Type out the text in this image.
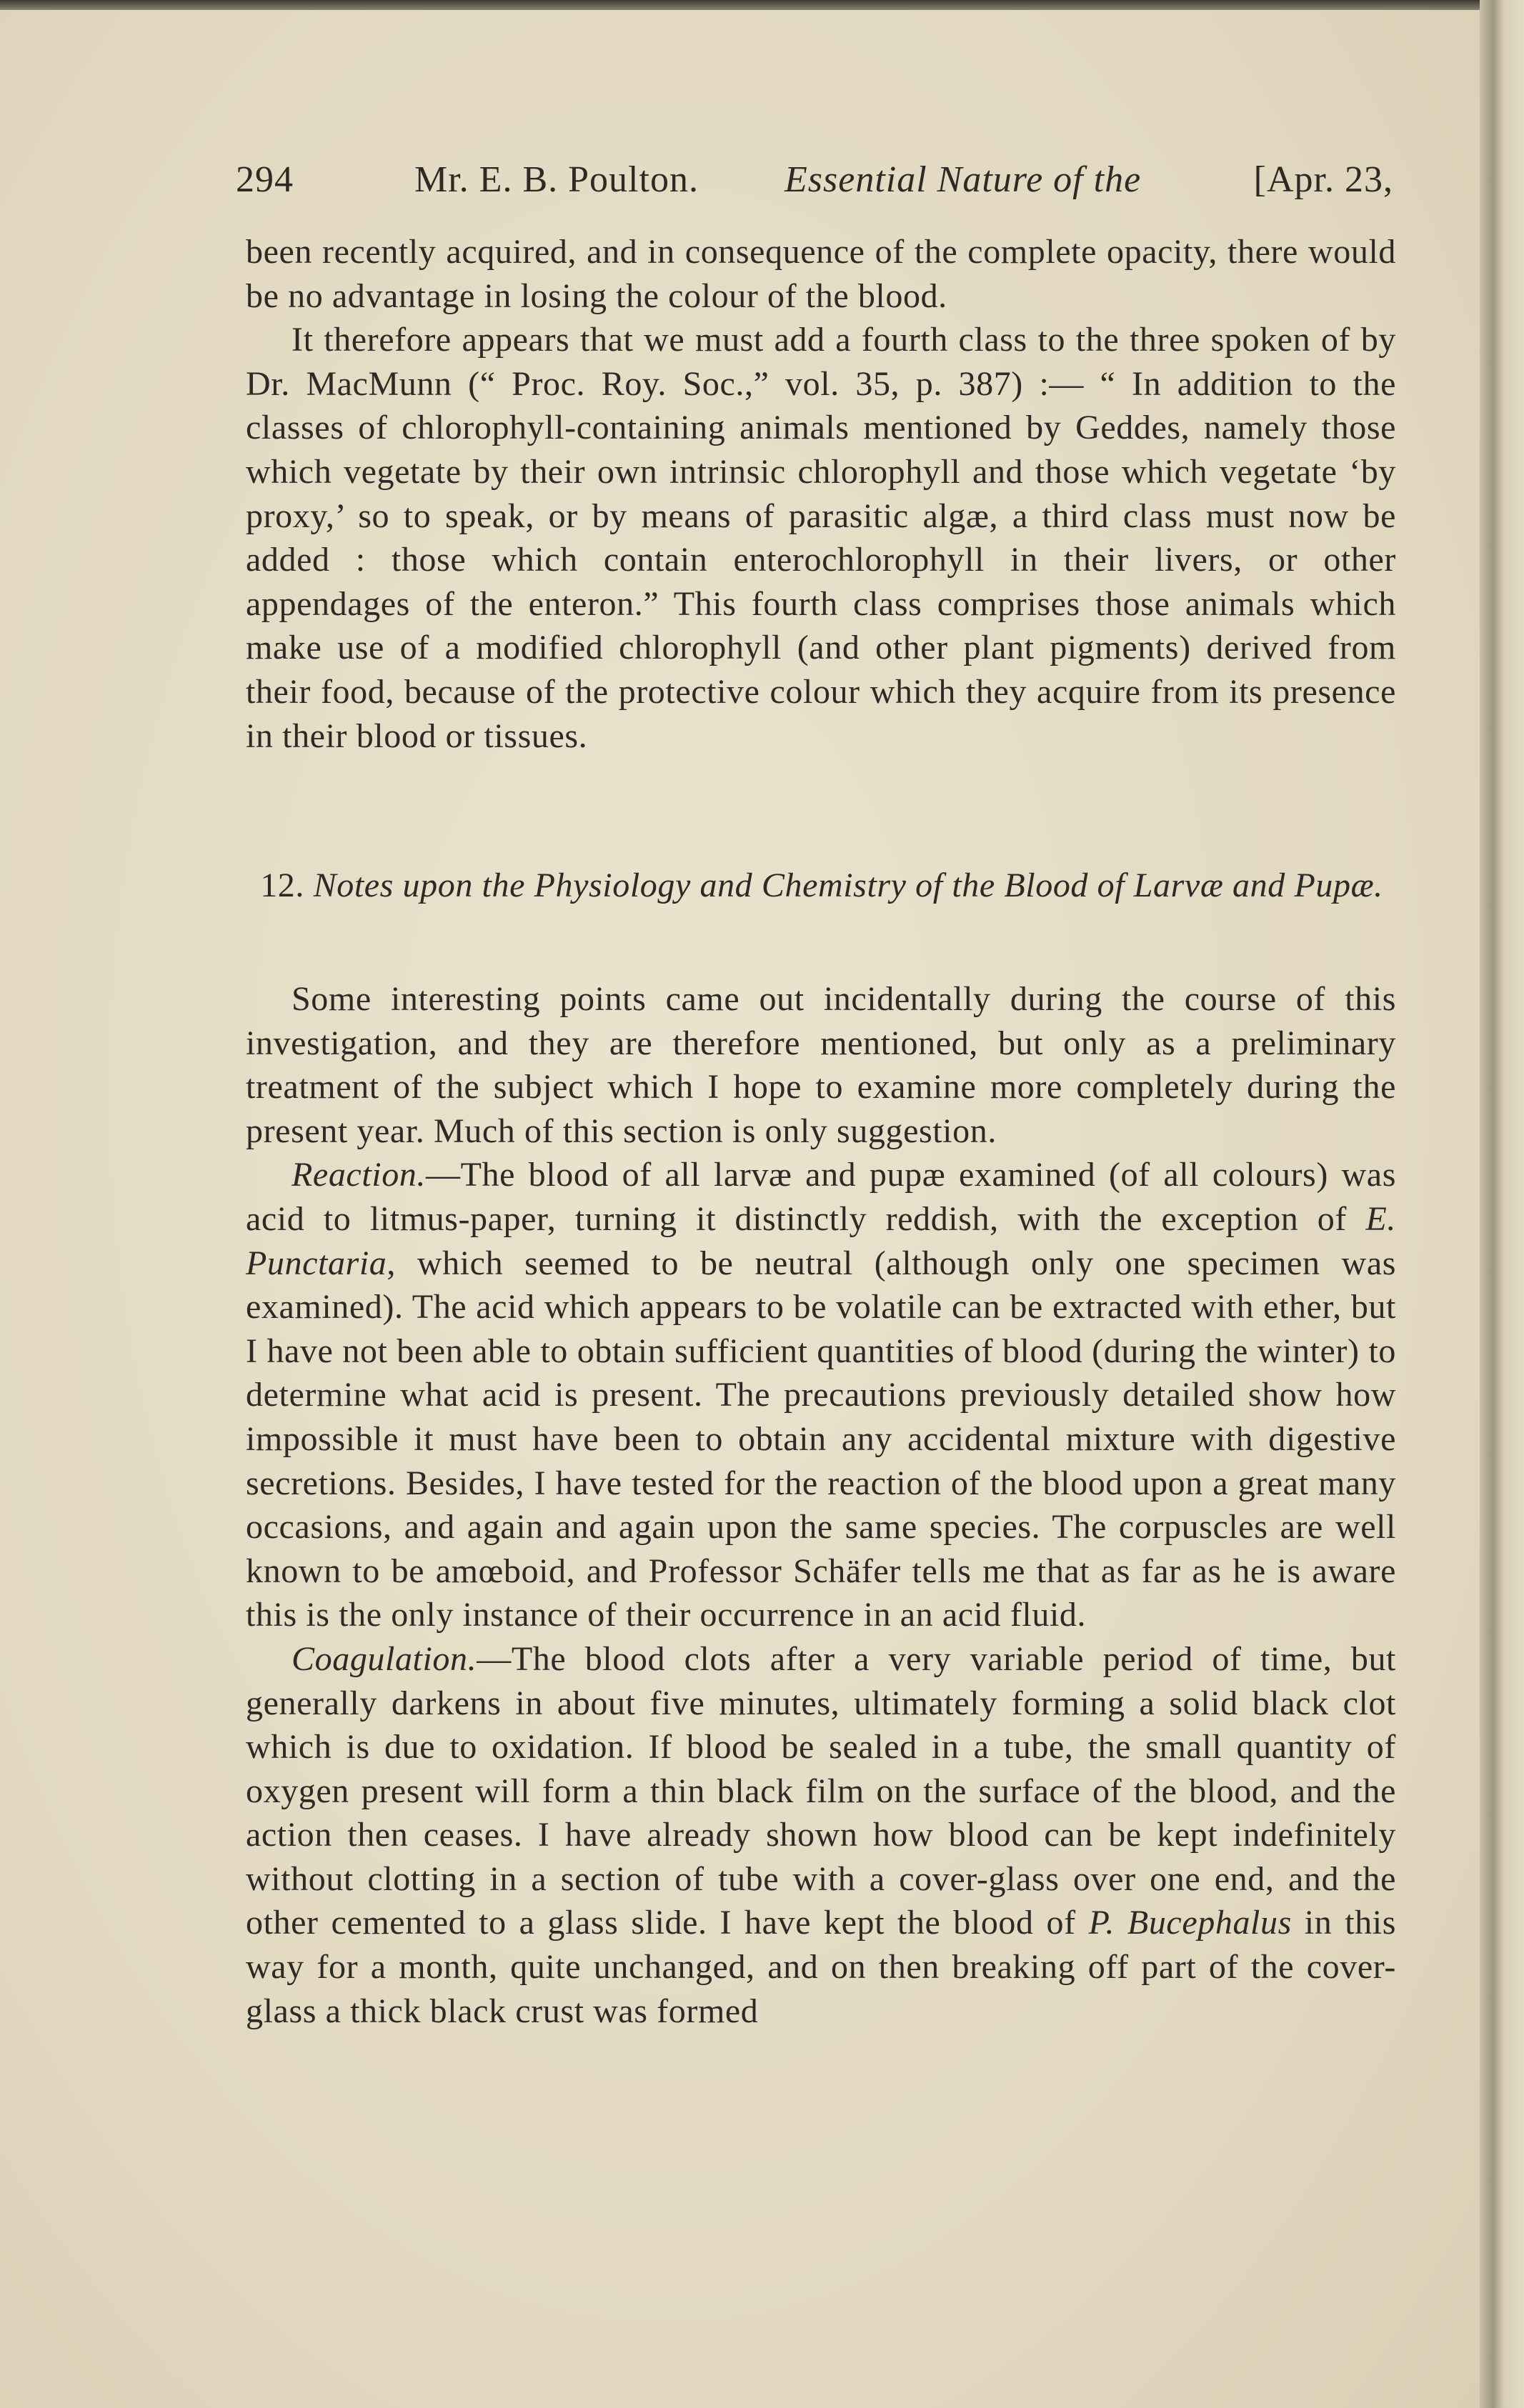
294	Mr. E. B. Poulton. Essential Nature of the	[Apr. 23,

been recently acquired, and in consequence of the complete opacity, there would be no advantage in losing the colour of the blood.

It therefore appears that we must add a fourth class to the three spoken of by Dr. MacMunn (“ Proc. Roy. Soc.,” vol. 35, p. 387) :— “ In addition to the classes of chlorophyll-containing animals mentioned by Geddes, namely those which vegetate by their own intrinsic chlorophyll and those which vegetate ‘by proxy,’ so to speak, or by means of parasitic algæ, a third class must now be added : those which contain enterochlorophyll in their livers, or other appendages of the enteron.” This fourth class comprises those animals which make use of a modified chlorophyll (and other plant pigments) derived from their food, because of the protective colour which they acquire from its presence in their blood or tissues.

12. Notes upon the Physiology and Chemistry of the Blood of Larvæ and Pupæ.

Some interesting points came out incidentally during the course of this investigation, and they are therefore mentioned, but only as a preliminary treatment of the subject which I hope to examine more completely during the present year. Much of this section is only suggestion.

Reaction.—The blood of all larvæ and pupæ examined (of all colours) was acid to litmus-paper, turning it distinctly reddish, with the exception of E. Punctaria, which seemed to be neutral (although only one specimen was examined). The acid which appears to be volatile can be extracted with ether, but I have not been able to obtain sufficient quantities of blood (during the winter) to determine what acid is present. The precautions previously detailed show how impossible it must have been to obtain any accidental mixture with digestive secretions. Besides, I have tested for the reaction of the blood upon a great many occasions, and again and again upon the same species. The corpuscles are well known to be amœboid, and Professor Schäfer tells me that as far as he is aware this is the only instance of their occurrence in an acid fluid.

Coagulation.—The blood clots after a very variable period of time, but generally darkens in about five minutes, ultimately forming a solid black clot which is due to oxidation. If blood be sealed in a tube, the small quantity of oxygen present will form a thin black film on the surface of the blood, and the action then ceases. I have already shown how blood can be kept indefinitely without clotting in a section of tube with a cover-glass over one end, and the other cemented to a glass slide. I have kept the blood of P. Bucephalus in this way for a month, quite unchanged, and on then breaking off part of the cover-glass a thick black crust was formed
